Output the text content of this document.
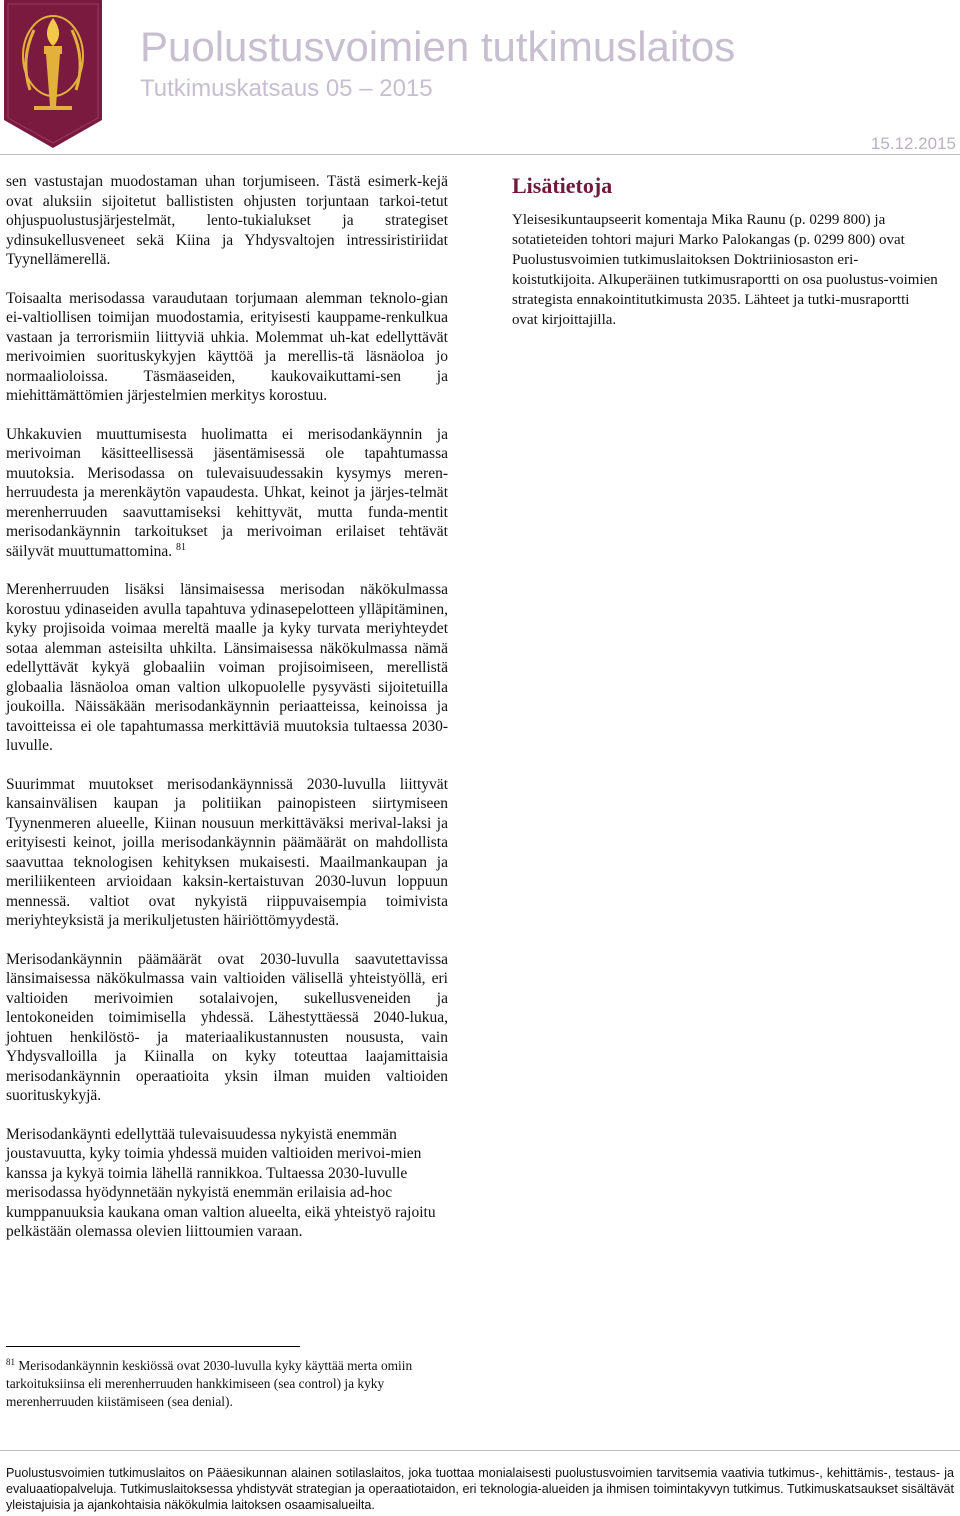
Puolustusvoimien tutkimuslaitos
Tutkimuskatsaus 05 – 2015
15.12.2015

sen vastustajan muodostaman uhan torjumiseen. Tästä esimerk-kejä ovat aluksiin sijoitetut ballististen ohjusten torjuntaan tarkoi-tetut ohjuspuolustusjärjestelmät, lento-tukialukset ja strategiset ydinsukellusveneet sekä Kiina ja Yhdysvaltojen intressiristiriidat Tyynellämerellä.

Toisaalta merisodassa varaudutaan torjumaan alemman teknolo-gian ei-valtiollisen toimijan muodostamia, erityisesti kauppame-renkulkua vastaan ja terrorismiin liittyviä uhkia. Molemmat uh-kat edellyttävät merivoimien suorituskykyjen käyttöä ja merellis-tä läsnäoloa jo normaalioloissa. Täsmäaseiden, kaukovaikuttami-sen ja miehittämättömien järjestelmien merkitys korostuu.

Uhkakuvien muuttumisesta huolimatta ei merisodankäynnin ja merivoiman käsitteellisessä jäsentämisessä ole tapahtumassa muutoksia. Merisodassa on tulevaisuudessakin kysymys meren-herruudesta ja merenkäytön vapaudesta. Uhkat, keinot ja järjes-telmät merenherruuden saavuttamiseksi kehittyvät, mutta funda-mentit merisodankäynnin tarkoitukset ja merivoiman erilaiset tehtävät säilyvät muuttumattomina. $^{81}$

Merenherruuden lisäksi länsimaisessa merisodan näkökulmassa korostuu ydinaseiden avulla tapahtuva ydinasepelotteen ylläpitäminen, kyky projisoida voimaa mereltä maalle ja kyky turvata meriyhteydet sotaa alemman asteisilta uhkilta. Länsimaisessa näkökulmassa nämä edellyttävät kykyä globaaliin voiman projisoimiseen, merellistä globaalia läsnäoloa oman valtion ulkopuolelle pysyvästi sijoitetuilla joukoilla. Näissäkään merisodankäynnin periaatteissa, keinoissa ja tavoitteissa ei ole tapahtumassa merkittäviä muutoksia tultaessa 2030-luvulle.

Suurimmat muutokset merisodankäynnissä 2030-luvulla liittyvät kansainvälisen kaupan ja politiikan painopisteen siirtymiseen Tyynenmeren alueelle, Kiinan nousuun merkittäväksi merival-laksi ja erityisesti keinot, joilla merisodankäynnin päämäärät on mahdollista saavuttaa teknologisen kehityksen mukaisesti. Maailmankaupan ja meriliikenteen arvioidaan kaksin-kertaistuvan 2030-luvun loppuun mennessä. valtiot ovat nykyistä riippuvaisempia toimivista meriyhteyksistä ja merikuljetusten häiriöttömyydestä.

Merisodankäynnin päämäärät ovat 2030-luvulla saavutettavissa länsimaisessa näkökulmassa vain valtioiden välisellä yhteistyöllä, eri valtioiden merivoimien sotalaivojen, sukellusveneiden ja lentokoneiden toimimisella yhdessä. Lähestyttäessä 2040-lukua, johtuen henkilöstö- ja materiaalikustannusten noususta, vain Yhdysvalloilla ja Kiinalla on kyky toteuttaa laajamittaisia merisodankäynnin operaatioita yksin ilman muiden valtioiden suorituskykyjä.

Merisodankäynti edellyttää tulevaisuudessa nykyistä enemmän joustavuutta, kyky toimia yhdessä muiden valtioiden merivoi-mien kanssa ja kykyä toimia lähellä rannikkoa. Tultaessa 2030-luvulle merisodassa hyödynnetään nykyistä enemmän erilaisia ad-hoc kumppanuuksia kaukana oman valtion alueelta, eikä yhteistyö rajoitu pelkästään olemassa olevien liittoumien varaan.

Lisätietoja

Yleisesikuntaupseerit komentaja Mika Raunu (p. 0299 800) ja sotatieteiden tohtori majuri Marko Palokangas (p. 0299 800) ovat Puolustusvoimien tutkimuslaitoksen Doktriiniosaston eri-koistutkijoita. Alkuperäinen tutkimusraportti on osa puolustus-voimien strategista ennakointitutkimusta 2035. Lähteet ja tutki-musraportti ovat kirjoittajilla.

$^{81}$ Merisodankäynnin keskiössä ovat 2030-luvulla kyky käyttää merta omiin tarkoituksiinsa eli merenherruuden hankkimiseen (sea control) ja kyky merenherruuden kiistämiseen (sea denial).

Puolustusvoimien tutkimuslaitos on Pääesikunnan alainen sotilaslaitos, joka tuottaa monialaisesti puolustusvoimien tarvitsemia vaativia tutkimus-, kehittämis-, testaus- ja evaluaatiopalveluja. Tutkimuslaitoksessa yhdistyvät strategian ja operaatiotaidon, eri teknologia-alueiden ja ihmisen toimintakyvyn tutkimus. Tutkimuskatsaukset sisältävät yleistajuisia ja ajankohtaisia näkökulmia laitoksen osaamisalueilta.
